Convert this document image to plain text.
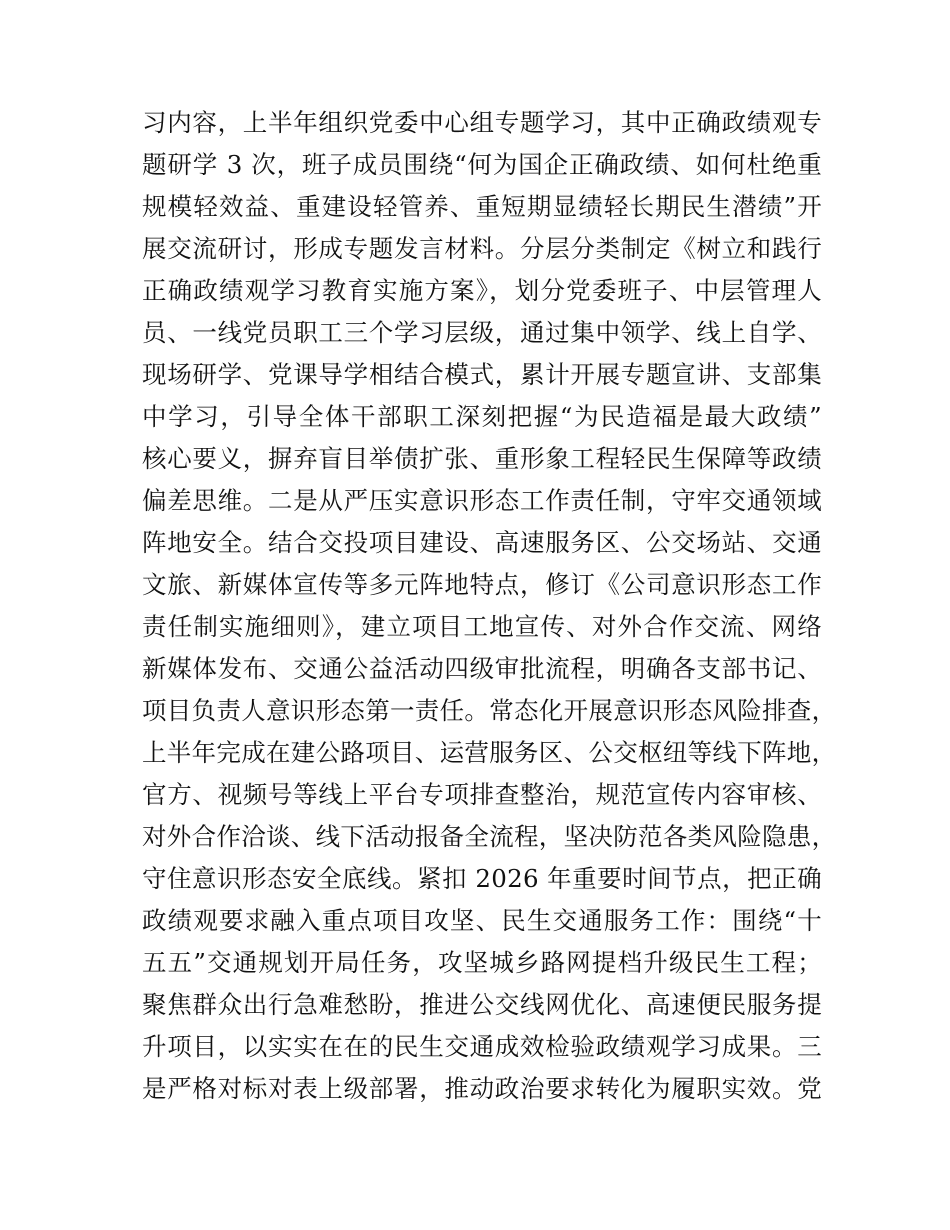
习内容，上半年组织党委中心组专题学习，其中正确政绩观专
题研学 3 次，班子成员围绕“何为国企正确政绩、如何杜绝重
规模轻效益、重建设轻管养、重短期显绩轻长期民生潜绩”开
展交流研讨，形成专题发言材料。分层分类制定《树立和践行
正确政绩观学习教育实施方案》，划分党委班子、中层管理人
员、一线党员职工三个学习层级，通过集中领学、线上自学、
现场研学、党课导学相结合模式，累计开展专题宣讲、支部集
中学习，引导全体干部职工深刻把握“为民造福是最大政绩”
核心要义，摒弃盲目举债扩张、重形象工程轻民生保障等政绩
偏差思维。二是从严压实意识形态工作责任制，守牢交通领域
阵地安全。结合交投项目建设、高速服务区、公交场站、交通
文旅、新媒体宣传等多元阵地特点，修订《公司意识形态工作
责任制实施细则》，建立项目工地宣传、对外合作交流、网络
新媒体发布、交通公益活动四级审批流程，明确各支部书记、
项目负责人意识形态第一责任。常态化开展意识形态风险排查，
上半年完成在建公路项目、运营服务区、公交枢纽等线下阵地，
官方、视频号等线上平台专项排查整治，规范宣传内容审核、
对外合作洽谈、线下活动报备全流程，坚决防范各类风险隐患，
守住意识形态安全底线。紧扣 2026 年重要时间节点，把正确
政绩观要求融入重点项目攻坚、民生交通服务工作：围绕“十
五五”交通规划开局任务，攻坚城乡路网提档升级民生工程；
聚焦群众出行急难愁盼，推进公交线网优化、高速便民服务提
升项目，以实实在在的民生交通成效检验政绩观学习成果。三
是严格对标对表上级部署，推动政治要求转化为履职实效。党
